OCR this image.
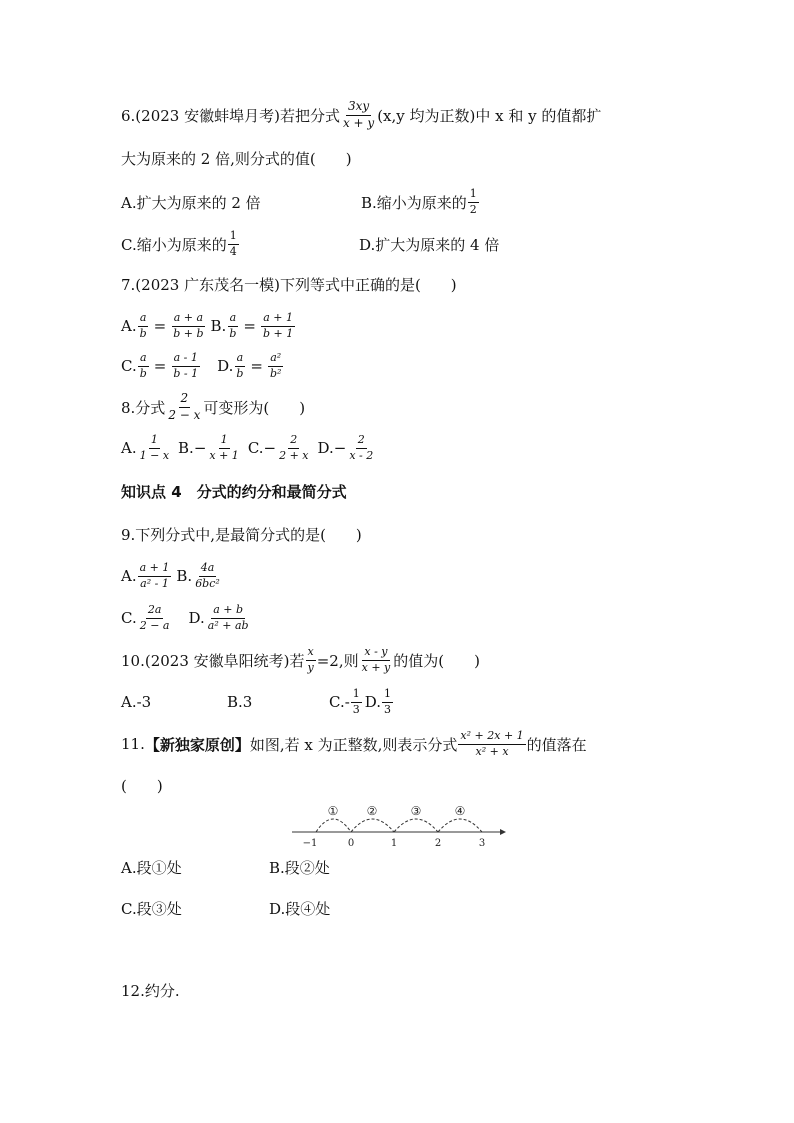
6.(2023 安徽蚌埠月考)若把分式 $\frac{3xy}{x + y} (x,y$ 均为正数)中 x 和 y 的值都扩
大为原来的 2 倍,则分式的值(　　)
A.扩大为原来的 2 倍	B.缩小为原来的 $\frac{1}{2}$
C.缩小为原来的 $\frac{1}{4}$	D.扩大为原来的 4 倍
7.(2023 广东茂名一模)下列等式中正确的是(　　)
A. $\frac{a}{b} = \frac{a + a}{b + b} B$. $\frac{a}{b} = \frac{a + 1}{b + 1}$
C. $\frac{a}{b} = \frac{a - 1}{b - 1} D$. $\frac{a}{b} = \frac{\text{a²}}{\text{b²}}$
8.分式 $\frac{2}{2 - x}$ 可变形为(　　)
A. $\frac{1}{1 - x} B.- \frac{1}{x + 1} C.- \frac{2}{2 + x} D.- \frac{2}{x - 2}$
知识点 4　分式的约分和最简分式
9.下列分式中,是最简分式的是(　　)
A. $\frac{a + 1}{\text{a² - 1}} B$. $\frac{4a}{\text{6bc²}}$
C. $\frac{2a}{2 - a} D$. $\frac{a + b}{\text{a² + ab}}$
10.(2023 安徽阜阳统考)若 $\frac{x}{y} =2$,则 $\frac{x - y}{x + y}$ 的值为(　　)
A.-3	B.3	$C.- \frac{1}{3} D$. $\frac{1}{3}$
11. 【新独家原创】 如图,若 x 为正整数,则表示分式 $\frac{\text{x² + 2x + 1}}{\text{x² + x}}$ 的值落在
(　　)
① ②	③	④
−1	0	1	2	3
A.段①处	B.段②处
C.段③处	D.段④处
12.约分.
